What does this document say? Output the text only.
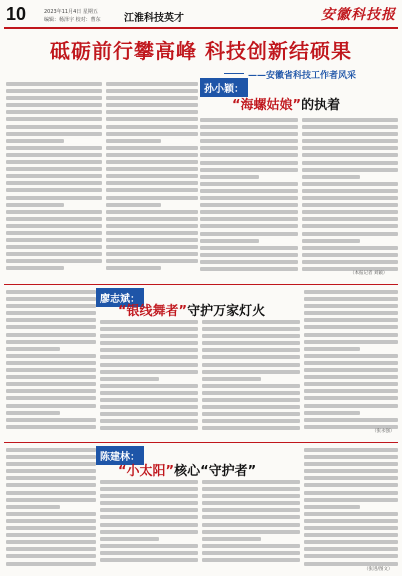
10	2023年11月4日 星期五
编辑：杨泽宇 校对：曹东 江淮科技英才	安徽科技报
砥砺前行攀高峰 科技创新结硕果
——安徽省科技工作者风采
孙小颖：
“海螺姑娘”的执着
（本报记者 刘颖）
廖志斌：
“银线舞者”守护万家灯火
（张永强）
陈建林：
“小太阳”核心“守护者”
（张进/图文）
